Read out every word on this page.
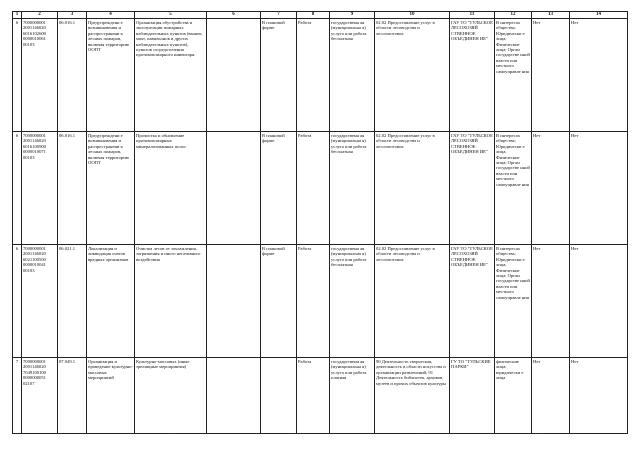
1	2	3	4	5	6	7	8	9	10	11	12	13	14
6	7000000001 2001146020 6016102600 0000010061 00103	06.016.1	Предупреждени е возникновения и распространени я лесных пожаров, включая территорию ООПТ	Организация обустройства и эксплуатации пожарных наблюдательных пунктов (вышек, мачт, павильонов и других наблюдательных пунктов), пунктов сосредоточения противопожарного инвентаря.		В плановой форме	Работа	государственн ая (муниципальна я) услуга или работа бесплатная	02.02 Предоставление услуг в области лесоводства и лесозаготовок	ГАУ ТО "ТУЛЬСКОЕ ЛЕСОХОЗЯЙ СТВЕННОЕ ОБЪЕДИНЕН ИЕ"	В интересах общества; Юридически е лица; Физические лица; Орган государстве нной власти или местного самоуправле ния	Нет	Нет
6	7000000001 2001146020 6016100900 0000010071 00103	06.016.1	Предупреждени е возникновения и распространени я лесных пожаров, включая территорию ООПТ	Прочистка и обновление противопожарных минерализованных полос		В плановой форме	Работа	государственн ая (муниципальна я) услуга или работа бесплатная	02.02 Предоставление услуг в области лесоводства и лесозаготовок	ГАУ ТО "ТУЛЬСКОЕ ЛЕСОХОЗЯЙ СТВЕННОЕ ОБЪЕДИНЕН ИЕ"	В интересах общества; Юридически е лица; Физические лица; Орган государстве нной власти или местного самоуправле ния	Нет	Нет
6	7000000001 2001146020 6021100500 0000010041 00103	06.021.1	Локализация и ликвидация очагов вредных организмов	Очистка лесов от захламления, загрязнения и иного негативного воздействия		В плановой форме	Работа	государственн ая (муниципальна я) услуга или работа бесплатная	02.02 Предоставление услуг в области лесоводства и лесозаготовок	ГАУ ТО "ТУЛЬСКОЕ ЛЕСОХОЗЯЙ СТВЕННОЕ ОБЪЕДИНЕН ИЕ"	В интересах общества; Юридически е лица; Физические лица; Орган государстве нной власти или местного самоуправле ния	Нет	Нет
7	7000000001 2001146020 7049100100 0000000051 02107	07.049.1	Организация и проведение культурно-массовых мероприятий	Культурно-массовых (иные зрелищные мероприятия)			Работа	государственн ая (муниципальна я) услуга или работа платная	90 Деятельность творческая, деятельность в области искусства и организации развлечений; 91 Деятельность библиотек, архивов, музеев и прочих объектов культуры	ГУ ТО "ТУЛЬСКИЕ ПАРКИ"	физические лица; юридически е лица	Нет	Нет
·	·	·	·	·
